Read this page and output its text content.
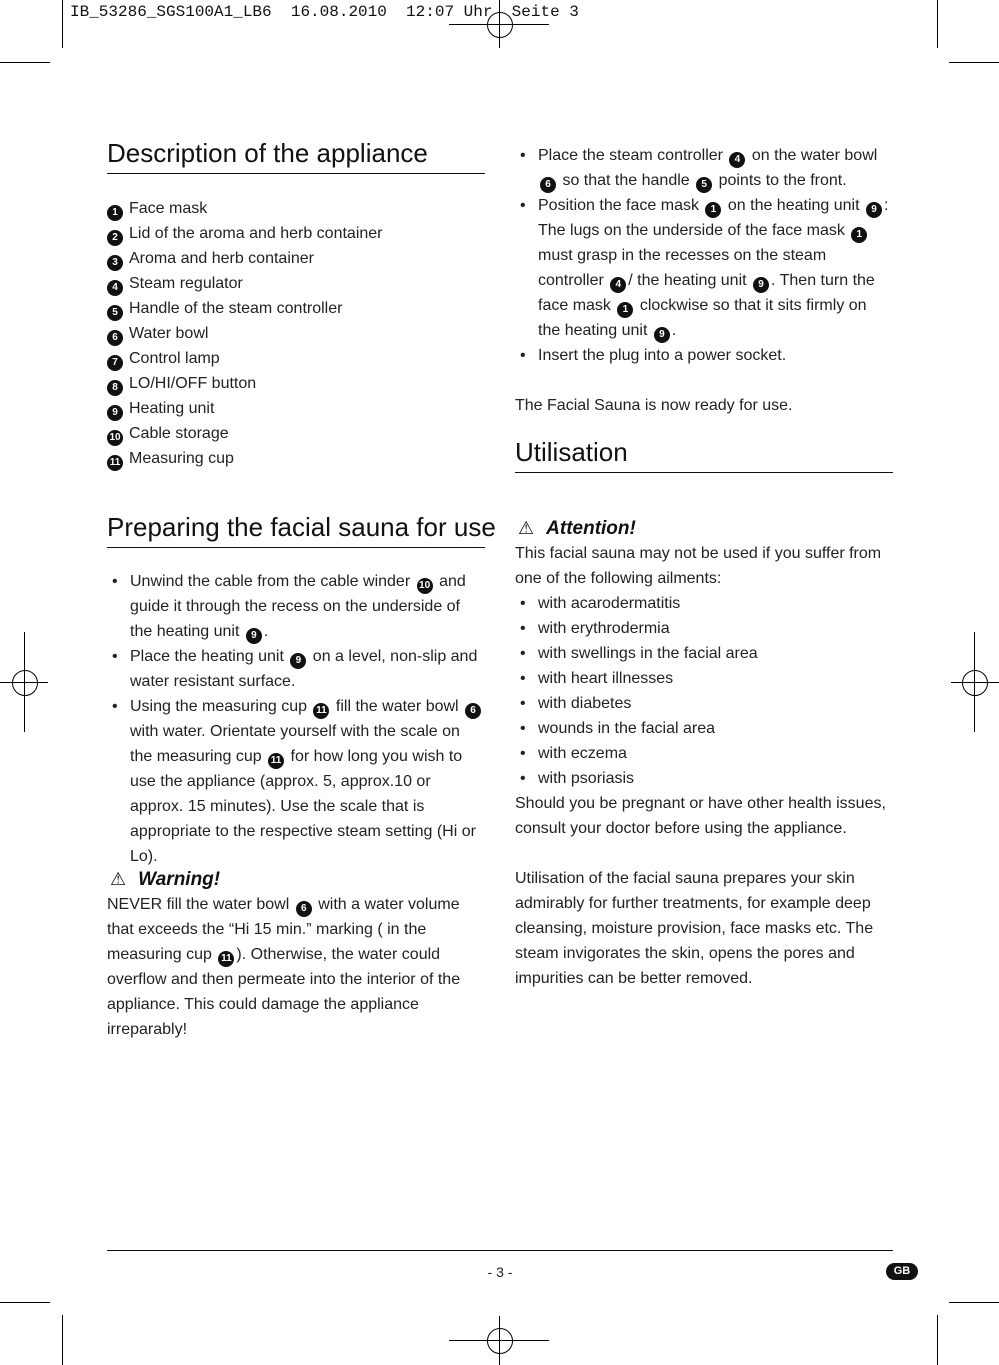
IB_53286_SGS100A1_LB6  16.08.2010  12:07 Uhr  Seite 3
Description of the appliance
1 Face mask
2 Lid of the aroma and herb container
3 Aroma and herb container
4 Steam regulator
5 Handle of the steam controller
6 Water bowl
7 Control lamp
8 LO/HI/OFF button
9 Heating unit
10 Cable storage
11 Measuring cup
Preparing the facial sauna for use
• Unwind the cable from the cable winder 10 and guide it through the recess on the underside of the heating unit 9 .
• Place the heating unit 9 on a level, non-slip and water resistant surface.
• Using the measuring cup 11 fill the water bowl 6 with water. Orientate yourself with the scale on the measuring cup 11 for how long you wish to use the appliance (approx. 5, approx.10 or approx. 15 minutes). Use the scale that is appropriate to the respective steam setting (Hi or Lo).
⚠ Warning!

NEVER fill the water bowl 6 with a water volume that exceeds the “Hi 15 min.” marking ( in the measuring cup 11 ). Otherwise, the water could overflow and then permeate into the interior of the appliance. This could damage the appliance irreparably!

• Place the steam controller 4 on the water bowl 6 so that the handle 5 points to the front.
• Position the face mask 1 on the heating unit 9 : The lugs on the underside of the face mask 1 must grasp in the recesses on the steam controller 4 / the heating unit 9 . Then turn the face mask 1 clockwise so that it sits firmly on the heating unit 9 .
• Insert the plug into a power socket.

The Facial Sauna is now ready for use.

Utilisation
⚠ Attention!

This facial sauna may not be used if you suffer from one of the following ailments:

• with acarodermatitis
• with erythrodermia
• with swellings in the facial area
• with heart illnesses
• with diabetes
• wounds in the facial area
• with eczema
• with psoriasis

Should you be pregnant or have other health issues, consult your doctor before using the appliance.

Utilisation of the facial sauna prepares your skin admirably for further treatments, for example deep cleansing, moisture provision, face masks etc. The steam invigorates the skin, opens the pores and impurities can be better removed.

- 3 -	GB
